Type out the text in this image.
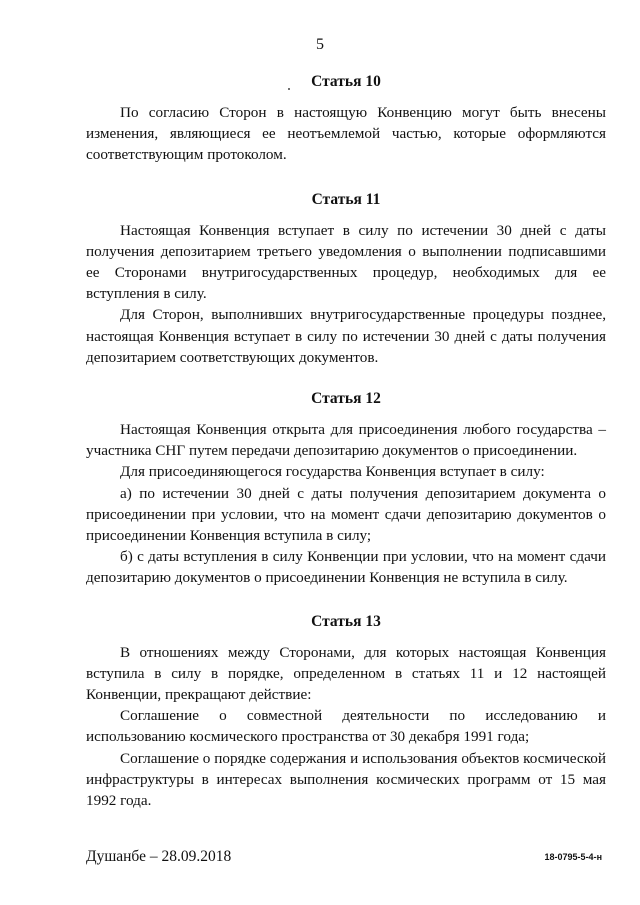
5
Статья 10

По согласию Сторон в настоящую Конвенцию могут быть внесены изменения, являющиеся ее неотъемлемой частью, которые оформляются соответствующим протоколом.

Статья 11

Настоящая Конвенция вступает в силу по истечении 30 дней с даты получения депозитарием третьего уведомления о выполнении подписавшими ее Сторонами внутригосударственных процедур, необходимых для ее вступления в силу.

Для Сторон, выполнивших внутригосударственные процедуры позднее, настоящая Конвенция вступает в силу по истечении 30 дней с даты получения депозитарием соответствующих документов.

Статья 12

Настоящая Конвенция открыта для присоединения любого государства – участника СНГ путем передачи депозитарию документов о присоединении.

Для присоединяющегося государства Конвенция вступает в силу:

а) по истечении 30 дней с даты получения депозитарием документа о присоединении при условии, что на момент сдачи депозитарию документов о присоединении Конвенция вступила в силу;

б) с даты вступления в силу Конвенции при условии, что на момент сдачи депозитарию документов о присоединении Конвенция не вступила в силу.

Статья 13

В отношениях между Сторонами, для которых настоящая Конвенция вступила в силу в порядке, определенном в статьях 11 и 12 настоящей Конвенции, прекращают действие:

Соглашение о совместной деятельности по исследованию и использованию космического пространства от 30 декабря 1991 года;

Соглашение о порядке содержания и использования объектов космической инфраструктуры в интересах выполнения космических программ от 15 мая 1992 года.

Душанбе – 28.09.2018	18-0795-5-4-н
